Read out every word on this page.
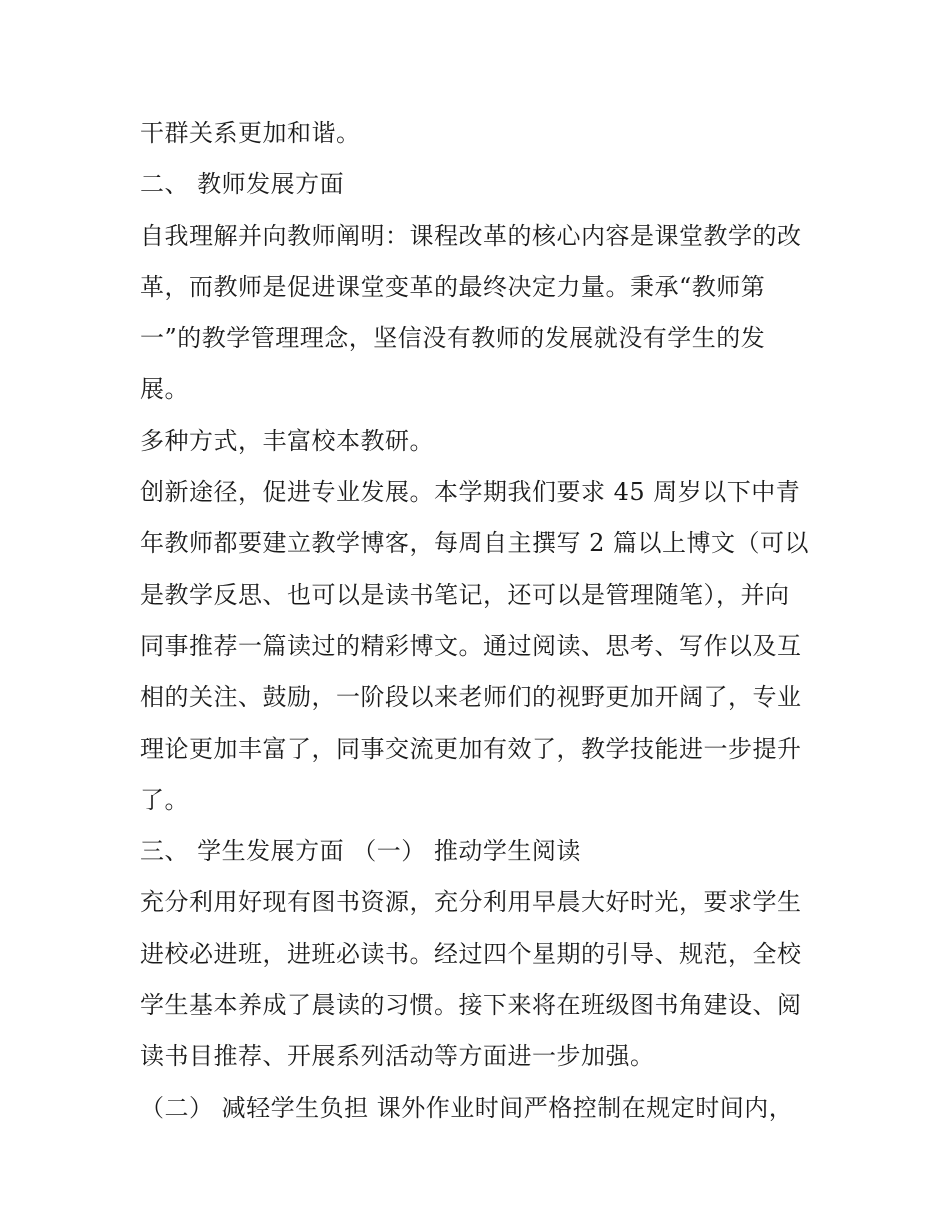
干群关系更加和谐。
二、 教师发展方面
自我理解并向教师阐明：课程改革的核心内容是课堂教学的改
革，而教师是促进课堂变革的最终决定力量。秉承“教师第
一”的教学管理理念，坚信没有教师的发展就没有学生的发
展。
多种方式，丰富校本教研。
创新途径，促进专业发展。本学期我们要求 45 周岁以下中青
年教师都要建立教学博客，每周自主撰写 2 篇以上博文（可以
是教学反思、也可以是读书笔记，还可以是管理随笔），并向
同事推荐一篇读过的精彩博文。通过阅读、思考、写作以及互
相的关注、鼓励，一阶段以来老师们的视野更加开阔了，专业
理论更加丰富了，同事交流更加有效了，教学技能进一步提升
了。
三、 学生发展方面 （一） 推动学生阅读
充分利用好现有图书资源，充分利用早晨大好时光，要求学生
进校必进班，进班必读书。经过四个星期的引导、规范，全校
学生基本养成了晨读的习惯。接下来将在班级图书角建设、阅
读书目推荐、开展系列活动等方面进一步加强。
（二） 减轻学生负担 课外作业时间严格控制在规定时间内，
